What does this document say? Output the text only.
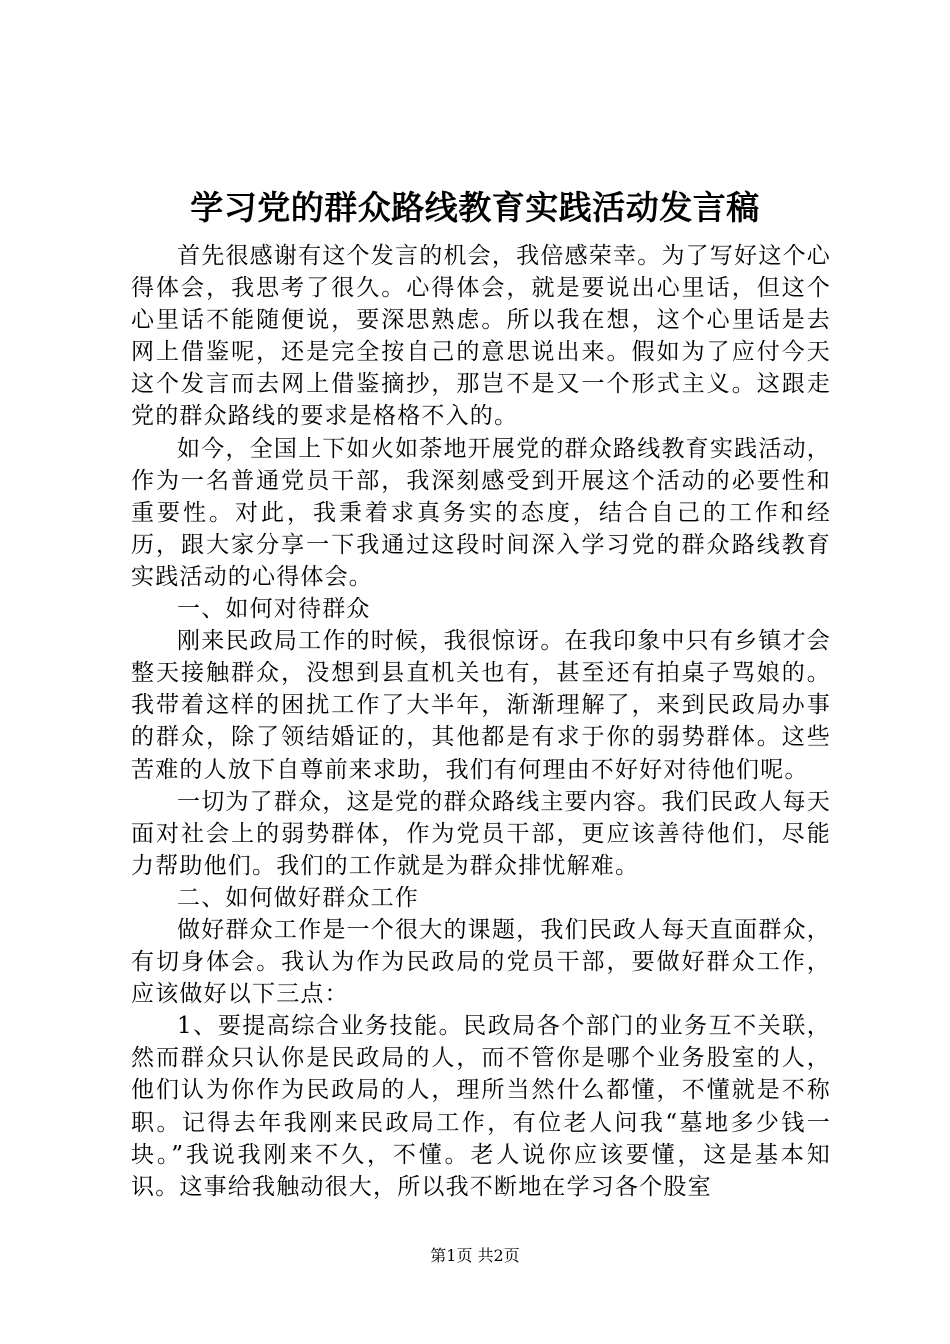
学习党的群众路线教育实践活动发言稿

首先很感谢有这个发言的机会，我倍感荣幸。为了写好这个心得体会，我思考了很久。心得体会，就是要说出心里话，但这个心里话不能随便说，要深思熟虑。所以我在想，这个心里话是去网上借鉴呢，还是完全按自己的意思说出来。假如为了应付今天这个发言而去网上借鉴摘抄，那岂不是又一个形式主义。这跟走党的群众路线的要求是格格不入的。

如今，全国上下如火如荼地开展党的群众路线教育实践活动，作为一名普通党员干部，我深刻感受到开展这个活动的必要性和重要性。对此，我秉着求真务实的态度，结合自己的工作和经历，跟大家分享一下我通过这段时间深入学习党的群众路线教育实践活动的心得体会。

一、如何对待群众

刚来民政局工作的时候，我很惊讶。在我印象中只有乡镇才会整天接触群众，没想到县直机关也有，甚至还有拍桌子骂娘的。我带着这样的困扰工作了大半年，渐渐理解了，来到民政局办事的群众，除了领结婚证的，其他都是有求于你的弱势群体。这些苦难的人放下自尊前来求助，我们有何理由不好好对待他们呢。

一切为了群众，这是党的群众路线主要内容。我们民政人每天面对社会上的弱势群体，作为党员干部，更应该善待他们，尽能力帮助他们。我们的工作就是为群众排忧解难。

二、如何做好群众工作

做好群众工作是一个很大的课题，我们民政人每天直面群众，有切身体会。我认为作为民政局的党员干部，要做好群众工作，应该做好以下三点：

1、要提高综合业务技能。民政局各个部门的业务互不关联，然而群众只认你是民政局的人，而不管你是哪个业务股室的人，他们认为你作为民政局的人，理所当然什么都懂，不懂就是不称职。记得去年我刚来民政局工作，有位老人问我“墓地多少钱一块。”我说我刚来不久，不懂。老人说你应该要懂，这是基本知识。这事给我触动很大，所以我不断地在学习各个股室

第1页 共2页
